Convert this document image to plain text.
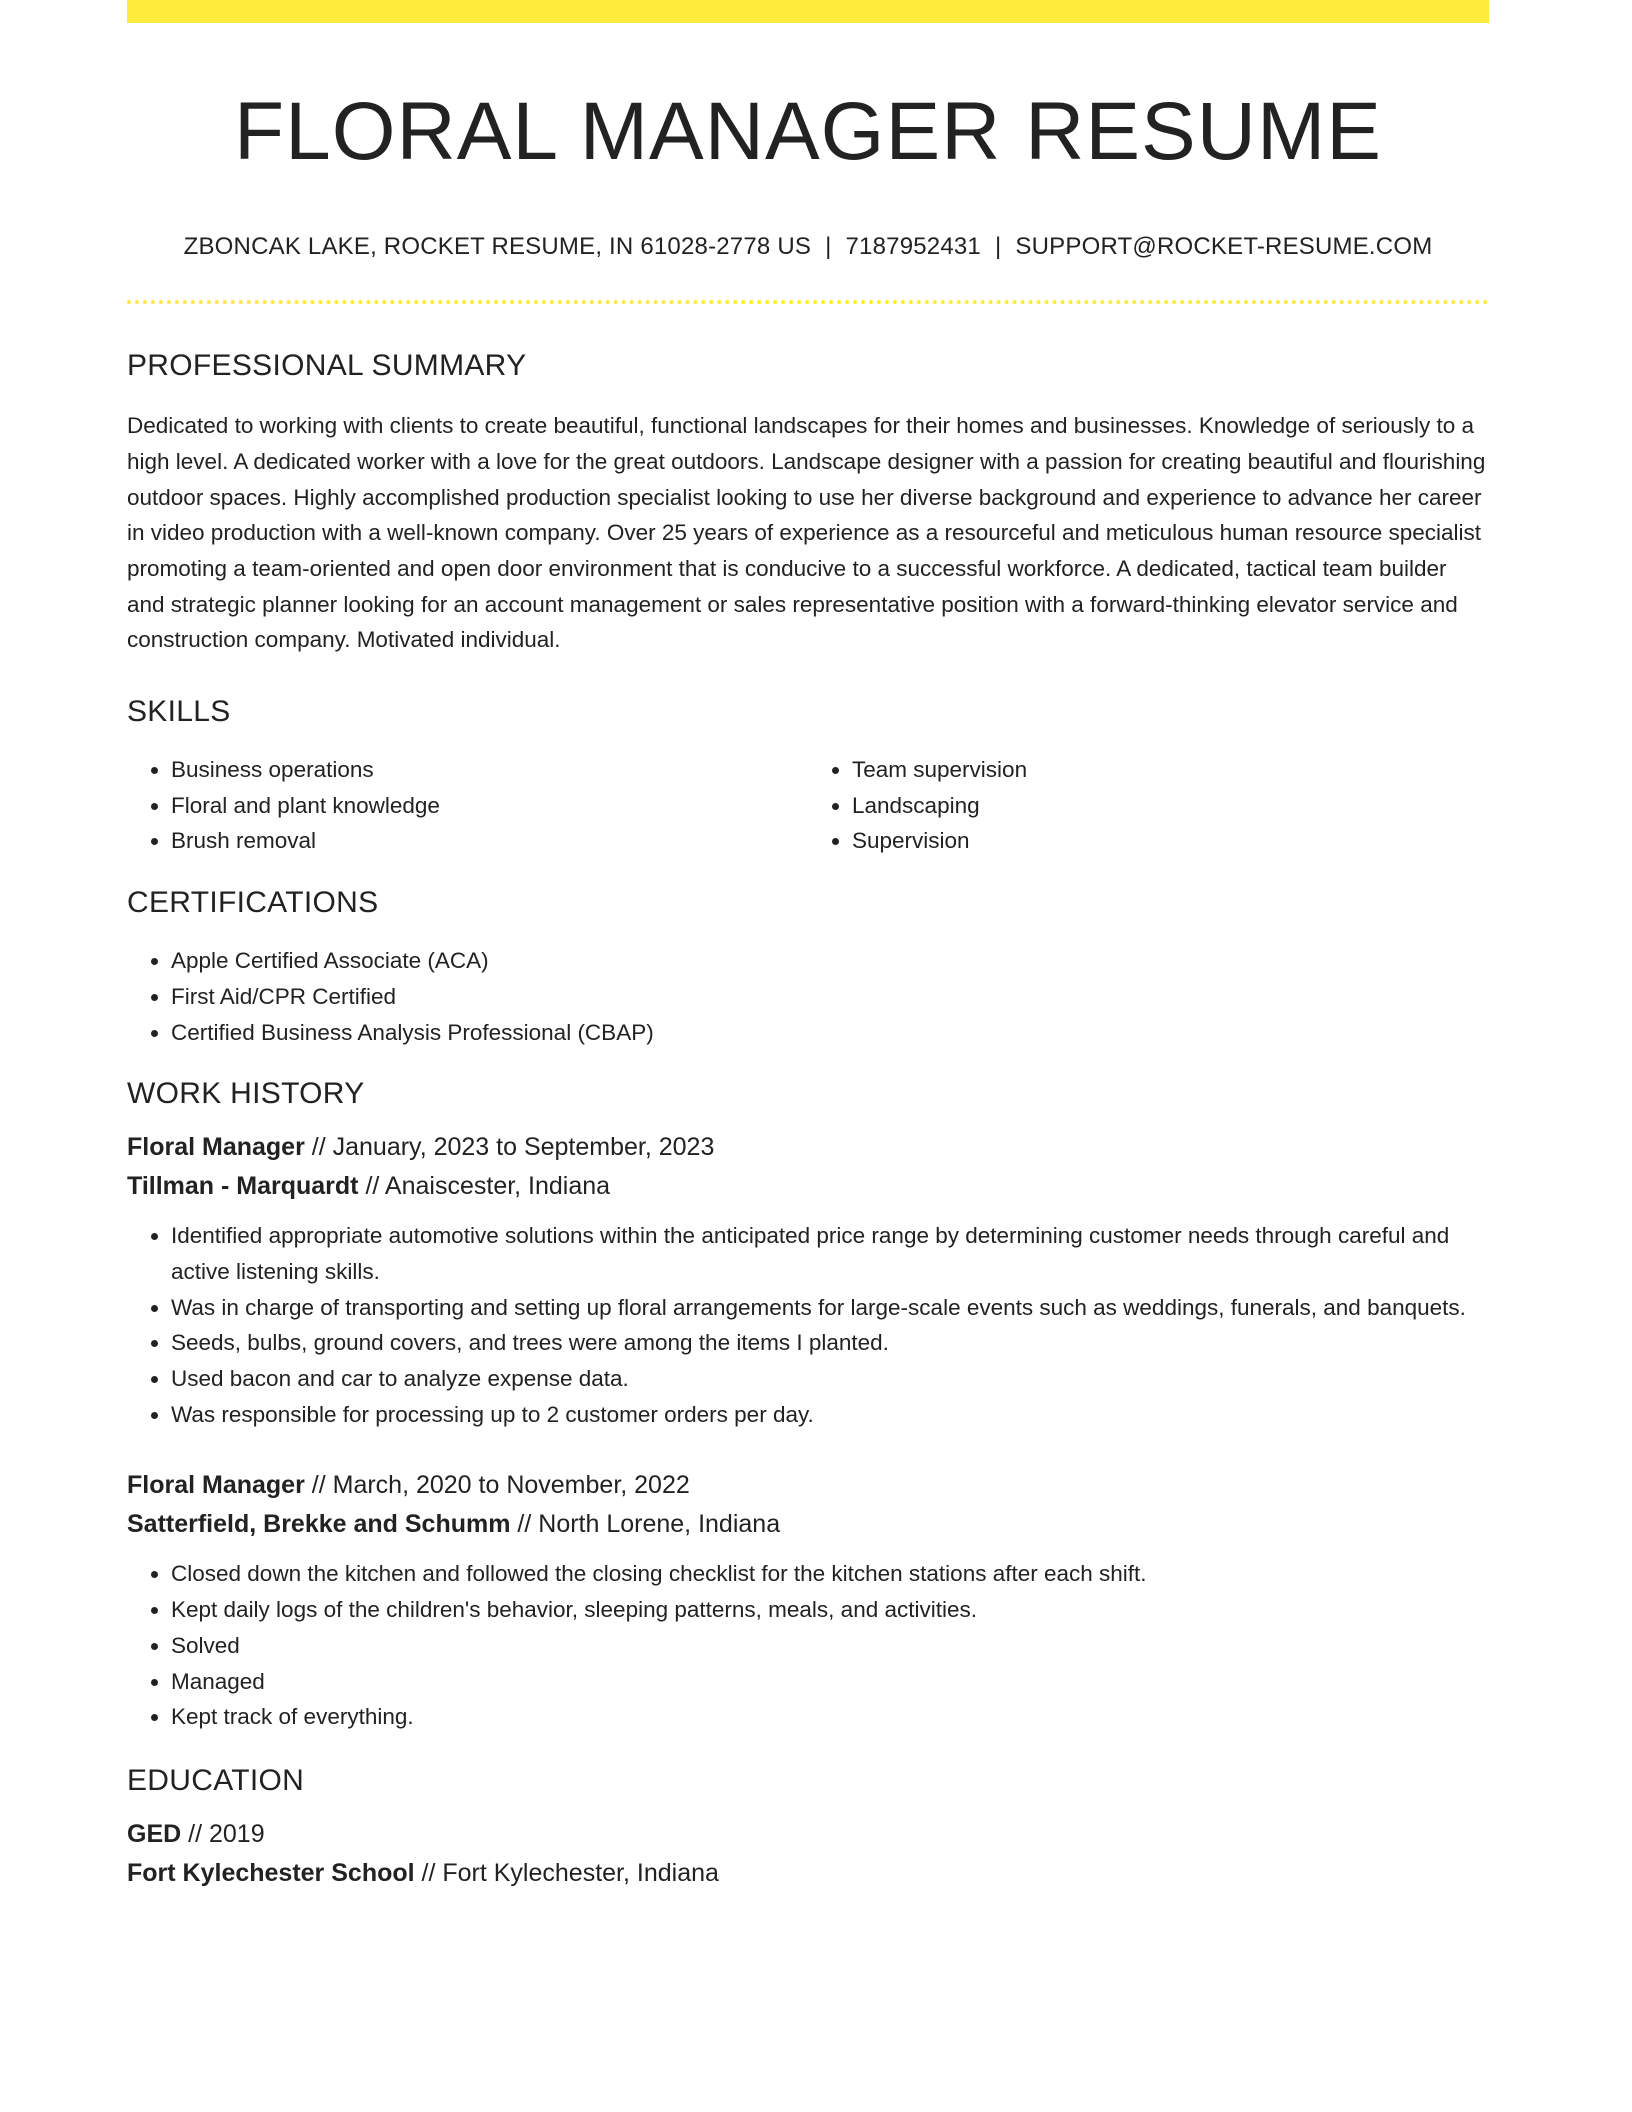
FLORAL MANAGER RESUME
ZBONCAK LAKE, ROCKET RESUME, IN 61028-2778 US | 7187952431 | SUPPORT@ROCKET-RESUME.COM
PROFESSIONAL SUMMARY
Dedicated to working with clients to create beautiful, functional landscapes for their homes and businesses. Knowledge of seriously to a high level. A dedicated worker with a love for the great outdoors. Landscape designer with a passion for creating beautiful and flourishing outdoor spaces. Highly accomplished production specialist looking to use her diverse background and experience to advance her career in video production with a well-known company. Over 25 years of experience as a resourceful and meticulous human resource specialist promoting a team-oriented and open door environment that is conducive to a successful workforce. A dedicated, tactical team builder and strategic planner looking for an account management or sales representative position with a forward-thinking elevator service and construction company. Motivated individual.
SKILLS
• Business operations
• Floral and plant knowledge
• Brush removal
• Team supervision
• Landscaping
• Supervision
CERTIFICATIONS
• Apple Certified Associate (ACA)
• First Aid/CPR Certified
• Certified Business Analysis Professional (CBAP)
WORK HISTORY
Floral Manager // January, 2023 to September, 2023
Tillman - Marquardt // Anaiscester, Indiana
• Identified appropriate automotive solutions within the anticipated price range by determining customer needs through careful and active listening skills.
• Was in charge of transporting and setting up floral arrangements for large-scale events such as weddings, funerals, and banquets.
• Seeds, bulbs, ground covers, and trees were among the items I planted.
• Used bacon and car to analyze expense data.
• Was responsible for processing up to 2 customer orders per day.
Floral Manager // March, 2020 to November, 2022
Satterfield, Brekke and Schumm // North Lorene, Indiana
• Closed down the kitchen and followed the closing checklist for the kitchen stations after each shift.
• Kept daily logs of the children's behavior, sleeping patterns, meals, and activities.
• Solved
• Managed
• Kept track of everything.
EDUCATION
GED // 2019
Fort Kylechester School // Fort Kylechester, Indiana
